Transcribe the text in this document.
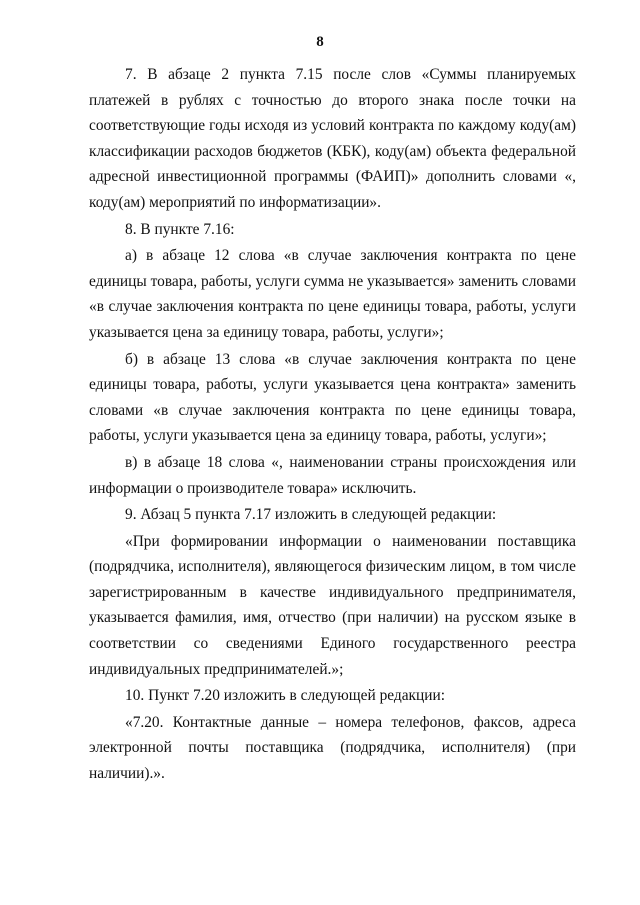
8

7. В абзаце 2 пункта 7.15 после слов «Суммы планируемых платежей в рублях с точностью до второго знака после точки на соответствующие годы исходя из условий контракта по каждому коду(ам) классификации расходов бюджетов (КБК), коду(ам) объекта федеральной адресной инвестиционной программы (ФАИП)» дополнить словами «, коду(ам) мероприятий по информатизации».

8. В пункте 7.16:

а) в абзаце 12 слова «в случае заключения контракта по цене единицы товара, работы, услуги сумма не указывается» заменить словами «в случае заключения контракта по цене единицы товара, работы, услуги указывается цена за единицу товара, работы, услуги»;

б) в абзаце 13 слова «в случае заключения контракта по цене единицы товара, работы, услуги указывается цена контракта» заменить словами «в случае заключения контракта по цене единицы товара, работы, услуги указывается цена за единицу товара, работы, услуги»;

в) в абзаце 18 слова «, наименовании страны происхождения или информации о производителе товара» исключить.

9. Абзац 5 пункта 7.17 изложить в следующей редакции:

«При формировании информации о наименовании поставщика (подрядчика, исполнителя), являющегося физическим лицом, в том числе зарегистрированным в качестве индивидуального предпринимателя, указывается фамилия, имя, отчество (при наличии) на русском языке в соответствии со сведениями Единого государственного реестра индивидуальных предпринимателей.»;

10. Пункт 7.20 изложить в следующей редакции:

«7.20. Контактные данные – номера телефонов, факсов, адреса электронной почты поставщика (подрядчика, исполнителя) (при наличии).».
